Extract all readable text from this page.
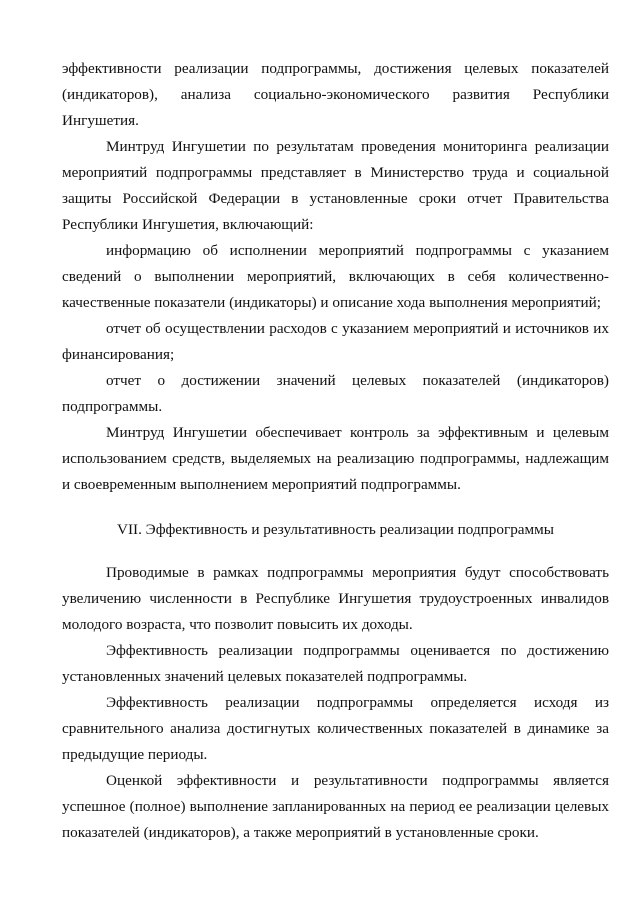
эффективности реализации подпрограммы, достижения целевых показателей (индикаторов), анализа социально-экономического развития Республики Ингушетия.

Минтруд Ингушетии по результатам проведения мониторинга реализации мероприятий подпрограммы представляет в Министерство труда и социальной защиты Российской Федерации в установленные сроки отчет Правительства Республики Ингушетия, включающий:

информацию об исполнении мероприятий подпрограммы с указанием сведений о выполнении мероприятий, включающих в себя количественно-качественные показатели (индикаторы) и описание хода выполнения мероприятий;

отчет об осуществлении расходов с указанием мероприятий и источников их финансирования;

отчет о достижении значений целевых показателей (индикаторов) подпрограммы.

Минтруд Ингушетии обеспечивает контроль за эффективным и целевым использованием средств, выделяемых на реализацию подпрограммы, надлежащим и своевременным выполнением мероприятий подпрограммы.

VII. Эффективность и результативность реализации подпрограммы

Проводимые в рамках подпрограммы мероприятия будут способствовать увеличению численности в Республике Ингушетия трудоустроенных инвалидов молодого возраста, что позволит повысить их доходы.

Эффективность реализации подпрограммы оценивается по достижению установленных значений целевых показателей подпрограммы.

Эффективность реализации подпрограммы определяется исходя из сравнительного анализа достигнутых количественных показателей в динамике за предыдущие периоды.

Оценкой эффективности и результативности подпрограммы является успешное (полное) выполнение запланированных на период ее реализации целевых показателей (индикаторов), а также мероприятий в установленные сроки.
